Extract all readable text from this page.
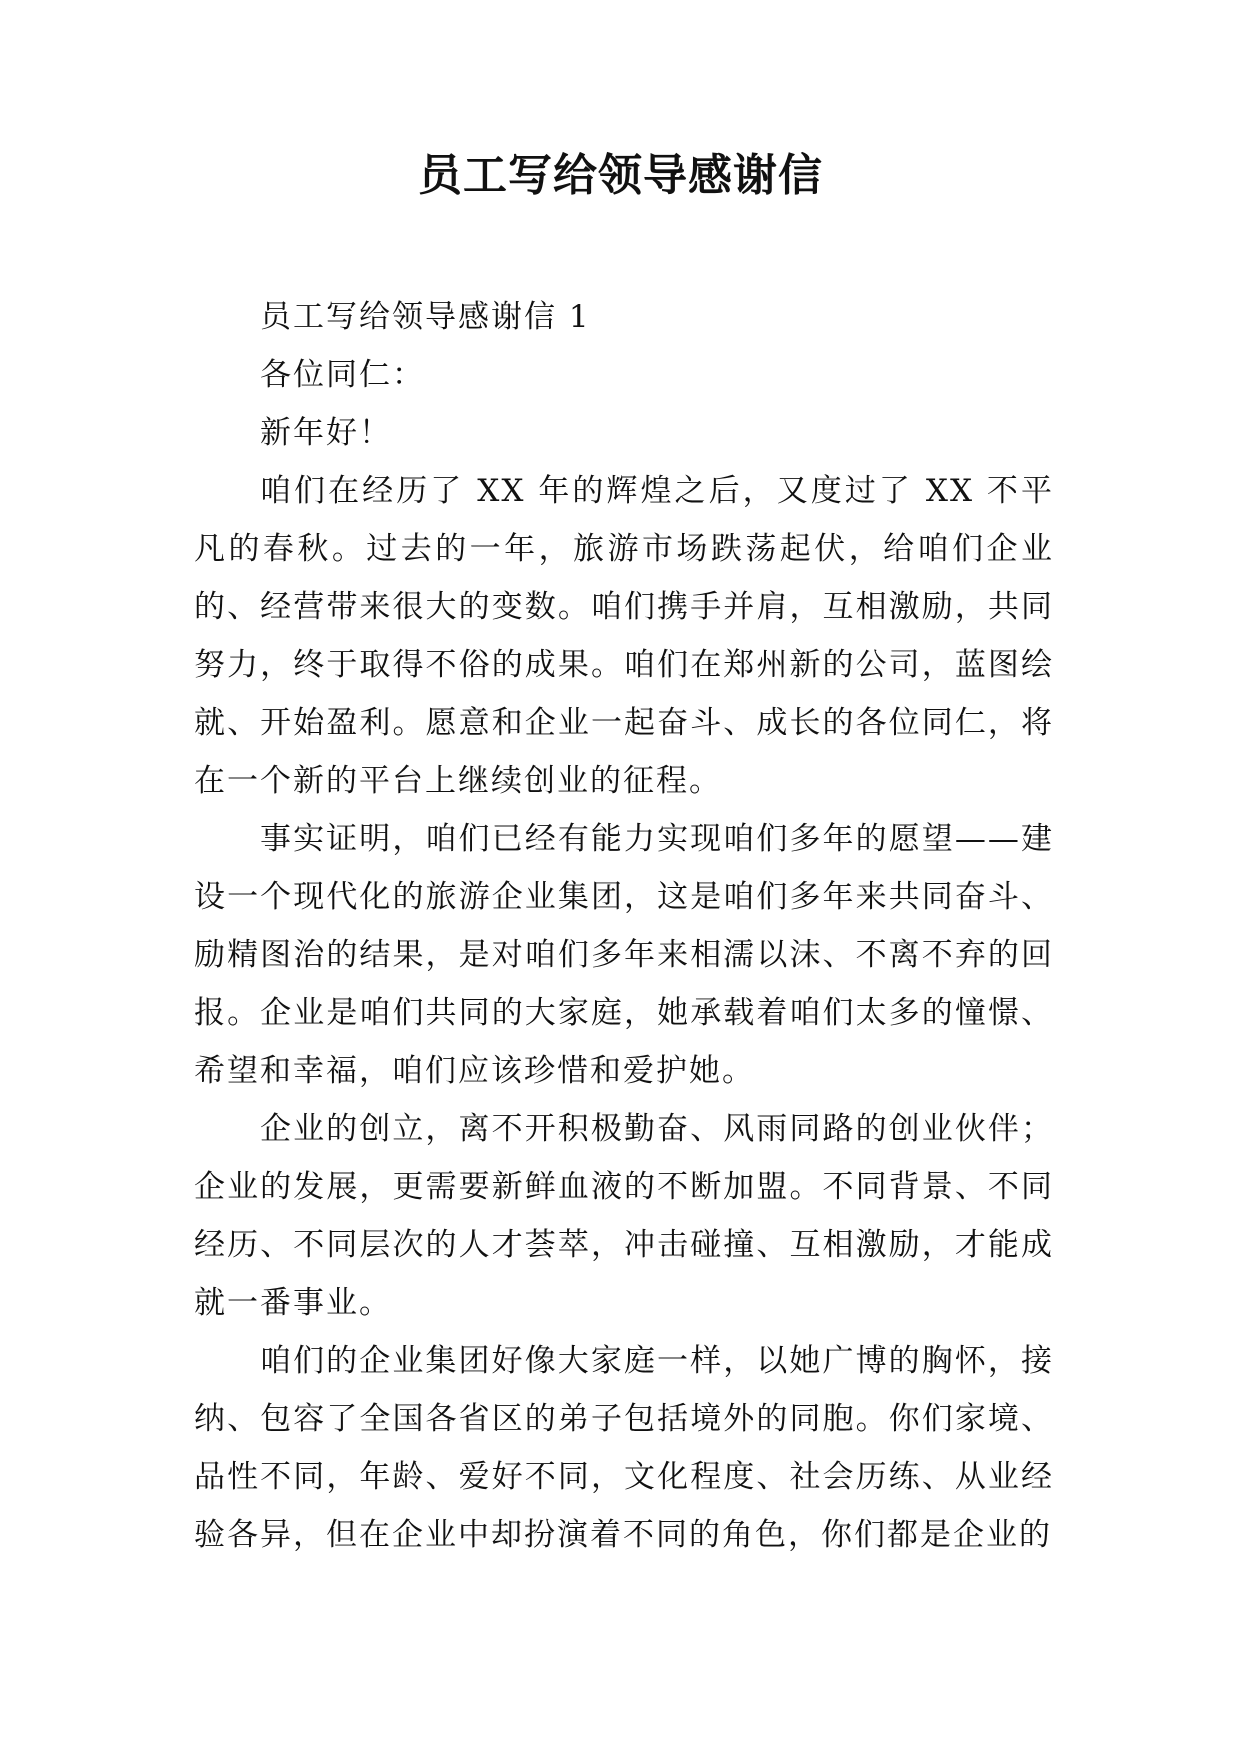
员工写给领导感谢信

员工写给领导感谢信 1

各位同仁：

新年好！

咱们在经历了 XX 年的辉煌之后，又度过了 XX 不平凡的春秋。过去的一年，旅游市场跌荡起伏，给咱们企业的、经营带来很大的变数。咱们携手并肩，互相激励，共同努力，终于取得不俗的成果。咱们在郑州新的公司，蓝图绘就、开始盈利。愿意和企业一起奋斗、成长的各位同仁，将在一个新的平台上继续创业的征程。

事实证明，咱们已经有能力实现咱们多年的愿望——建设一个现代化的旅游企业集团，这是咱们多年来共同奋斗、励精图治的结果，是对咱们多年来相濡以沫、不离不弃的回报。企业是咱们共同的大家庭，她承载着咱们太多的憧憬、希望和幸福，咱们应该珍惜和爱护她。

企业的创立，离不开积极勤奋、风雨同路的创业伙伴；企业的发展，更需要新鲜血液的不断加盟。不同背景、不同经历、不同层次的人才荟萃，冲击碰撞、互相激励，才能成就一番事业。

咱们的企业集团好像大家庭一样，以她广博的胸怀，接纳、包容了全国各省区的弟子包括境外的同胞。你们家境、品性不同，年龄、爱好不同，文化程度、社会历练、从业经验各异，但在企业中却扮演着不同的角色，你们都是企业的
